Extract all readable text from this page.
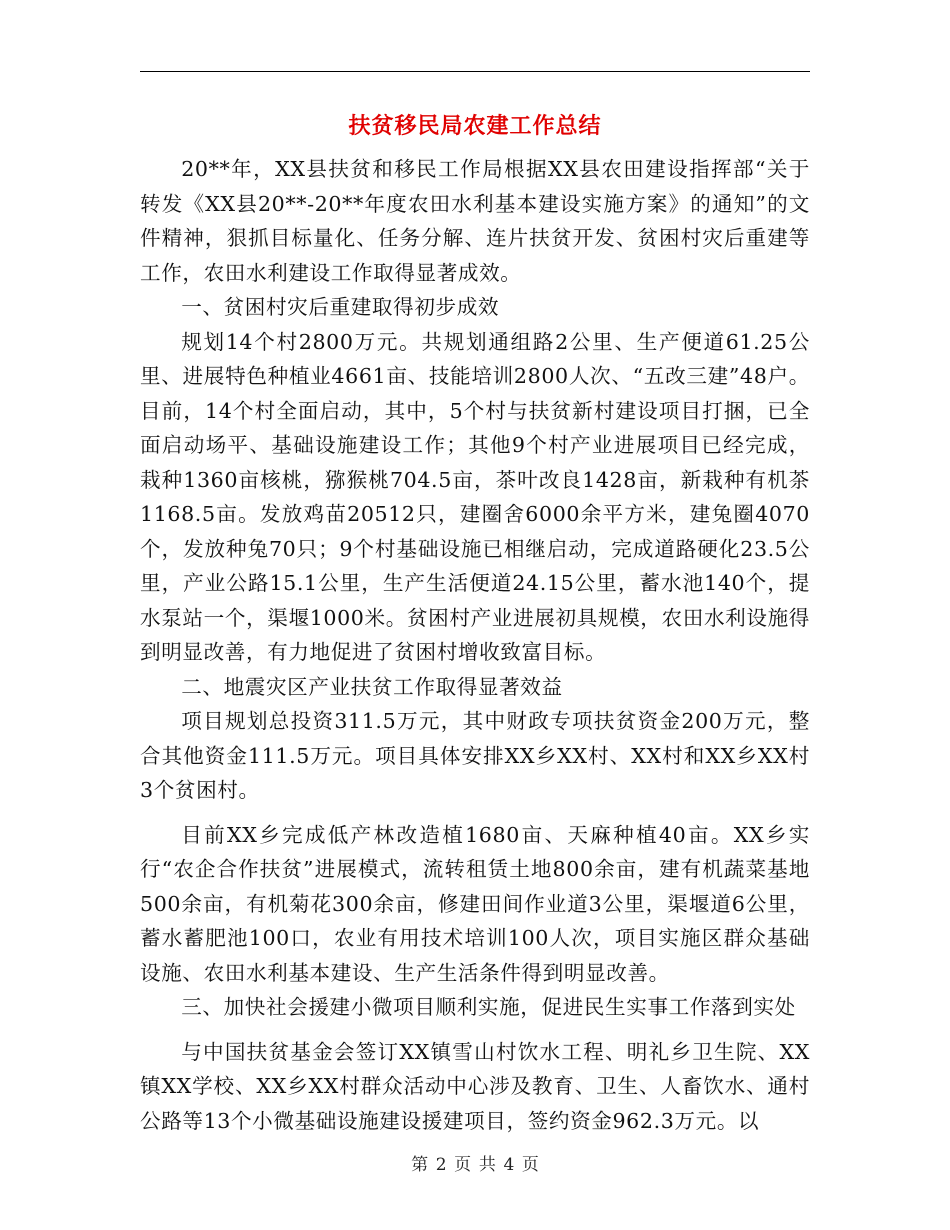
扶贫移民局农建工作总结

20**年，XX县扶贫和移民工作局根据XX县农田建设指挥部“关于转发《XX县20**-20**年度农田水利基本建设实施方案》的通知”的文件精神，狠抓目标量化、任务分解、连片扶贫开发、贫困村灾后重建等工作，农田水利建设工作取得显著成效。

一、贫困村灾后重建取得初步成效

规划14个村2800万元。共规划通组路2公里、生产便道61.25公里、进展特色种植业4661亩、技能培训2800人次、“五改三建”48户。目前，14个村全面启动，其中，5个村与扶贫新村建设项目打捆，已全面启动场平、基础设施建设工作；其他9个村产业进展项目已经完成，栽种1360亩核桃，猕猴桃704.5亩，茶叶改良1428亩，新栽种有机茶1168.5亩。发放鸡苗20512只，建圈舍6000余平方米，建兔圈4070个，发放种兔70只；9个村基础设施已相继启动，完成道路硬化23.5公里，产业公路15.1公里，生产生活便道24.15公里，蓄水池140个，提水泵站一个，渠堰1000米。贫困村产业进展初具规模，农田水利设施得到明显改善，有力地促进了贫困村增收致富目标。

二、地震灾区产业扶贫工作取得显著效益

项目规划总投资311.5万元，其中财政专项扶贫资金200万元，整合其他资金111.5万元。项目具体安排XX乡XX村、XX村和XX乡XX村3个贫困村。

目前XX乡完成低产林改造植1680亩、天麻种植40亩。XX乡实行“农企合作扶贫”进展模式，流转租赁土地800余亩，建有机蔬菜基地500余亩，有机菊花300余亩，修建田间作业道3公里，渠堰道6公里，蓄水蓄肥池100口，农业有用技术培训100人次，项目实施区群众基础设施、农田水利基本建设、生产生活条件得到明显改善。

三、加快社会援建小微项目顺利实施，促进民生实事工作落到实处

与中国扶贫基金会签订XX镇雪山村饮水工程、明礼乡卫生院、XX镇XX学校、XX乡XX村群众活动中心涉及教育、卫生、人畜饮水、通村公路等13个小微基础设施建设援建项目，签约资金962.3万元。以

第 2 页 共 4 页
